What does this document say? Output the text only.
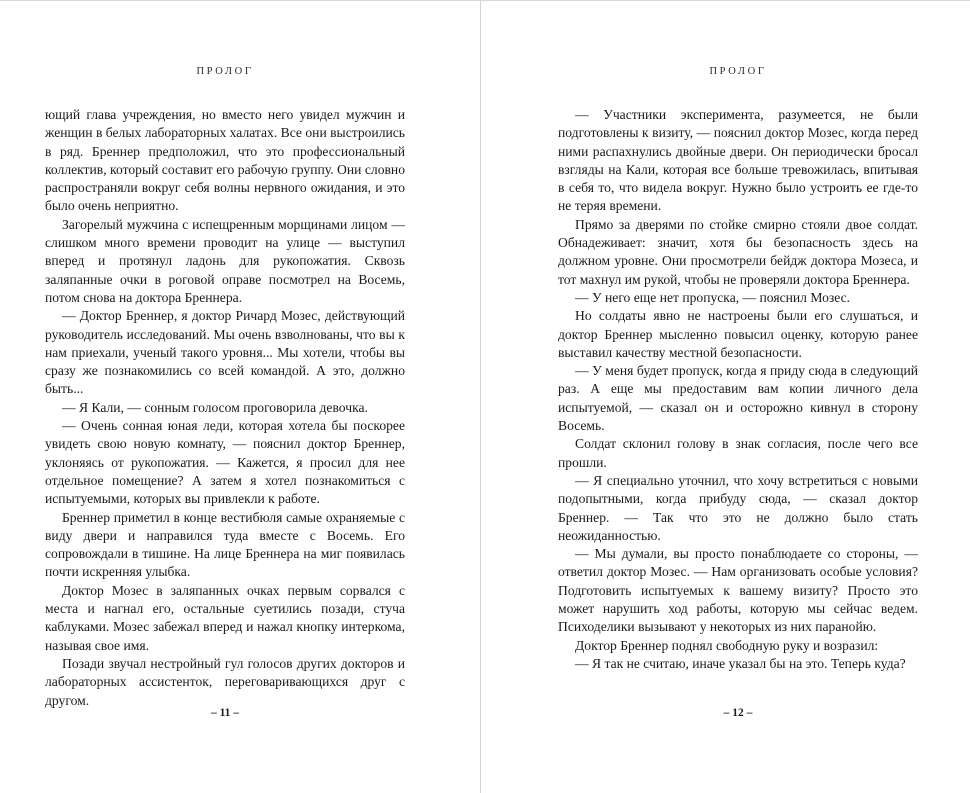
ПРОЛОГ

ющий глава учреждения, но вместо него увидел мужчин и женщин в белых лабораторных халатах. Все они выстроились в ряд. Бреннер предположил, что это профессиональный коллектив, который составит его рабочую группу. Они словно распространяли вокруг себя волны нервного ожидания, и это было очень неприятно.

Загорелый мужчина с испещренным морщинами лицом — слишком много времени проводит на улице — выступил вперед и протянул ладонь для рукопожатия. Сквозь заляпанные очки в роговой оправе посмотрел на Восемь, потом снова на доктора Бреннера.

— Доктор Бреннер, я доктор Ричард Мозес, действующий руководитель исследований. Мы очень взволнованы, что вы к нам приехали, ученый такого уровня... Мы хотели, чтобы вы сразу же познакомились со всей командой. А это, должно быть...

— Я Кали, — сонным голосом проговорила девочка.

— Очень сонная юная леди, которая хотела бы поскорее увидеть свою новую комнату, — пояснил доктор Бреннер, уклоняясь от рукопожатия. — Кажется, я просил для нее отдельное помещение? А затем я хотел познакомиться с испытуемыми, которых вы привлекли к работе.

Бреннер приметил в конце вестибюля самые охраняемые с виду двери и направился туда вместе с Восемь. Его сопровождали в тишине. На лице Бреннера на миг появилась почти искренняя улыбка.

Доктор Мозес в заляпанных очках первым сорвался с места и нагнал его, остальные суетились позади, стуча каблуками. Мозес забежал вперед и нажал кнопку интеркома, называя свое имя.

Позади звучал нестройный гул голосов других докторов и лабораторных ассистенток, переговаривающихся друг с другом.

– 11 –
ПРОЛОГ

— Участники эксперимента, разумеется, не были подготовлены к визиту, — пояснил доктор Мозес, когда перед ними распахнулись двойные двери. Он периодически бросал взгляды на Кали, которая все больше тревожилась, впитывая в себя то, что видела вокруг. Нужно было устроить ее где-то не теряя времени.

Прямо за дверями по стойке смирно стояли двое солдат. Обнадеживает: значит, хотя бы безопасность здесь на должном уровне. Они просмотрели бейдж доктора Мозеса, и тот махнул им рукой, чтобы не проверяли доктора Бреннера.

— У него еще нет пропуска, — пояснил Мозес.

Но солдаты явно не настроены были его слушаться, и доктор Бреннер мысленно повысил оценку, которую ранее выставил качеству местной безопасности.

— У меня будет пропуск, когда я приду сюда в следующий раз. А еще мы предоставим вам копии личного дела испытуемой, — сказал он и осторожно кивнул в сторону Восемь.

Солдат склонил голову в знак согласия, после чего все прошли.

— Я специально уточнил, что хочу встретиться с новыми подопытными, когда прибуду сюда, — сказал доктор Бреннер. — Так что это не должно было стать неожиданностью.

— Мы думали, вы просто понаблюдаете со стороны, — ответил доктор Мозес. — Нам организовать особые условия? Подготовить испытуемых к вашему визиту? Просто это может нарушить ход работы, которую мы сейчас ведем. Психоделики вызывают у некоторых из них паранойю.

Доктор Бреннер поднял свободную руку и возразил:

— Я так не считаю, иначе указал бы на это. Теперь куда?

– 12 –
